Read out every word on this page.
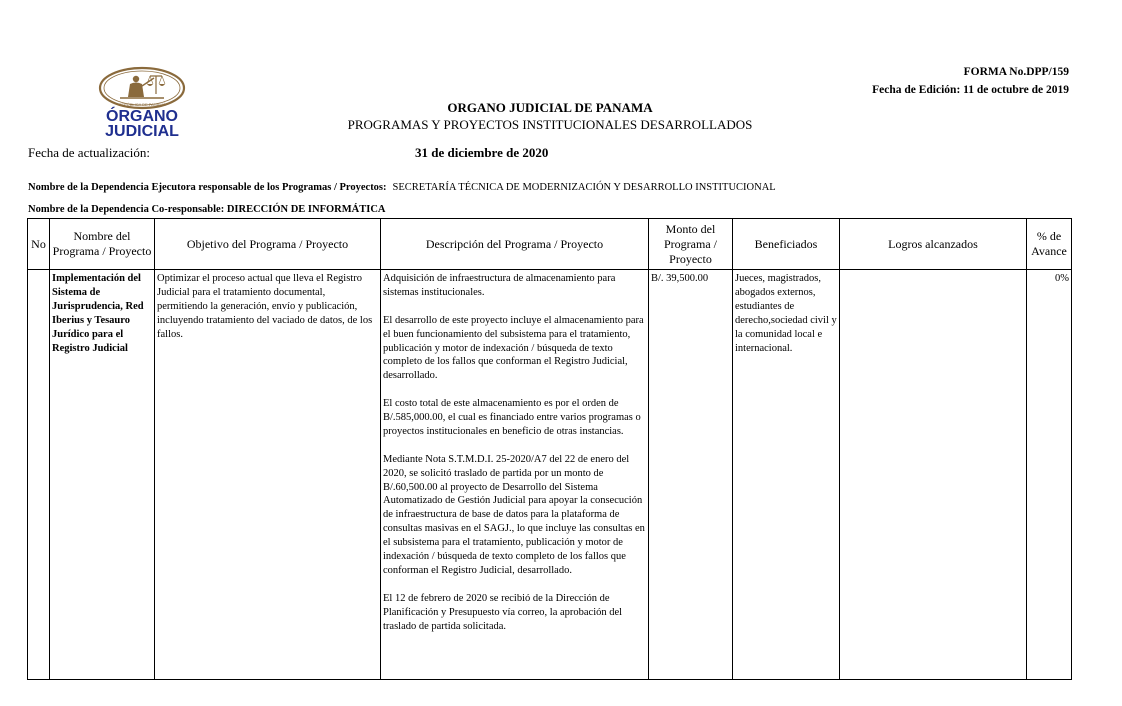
REPÚBLICA DE PANAMÁ
ÓRGANO
JUDICIAL
FORMA No.DPP/159
Fecha de Edición: 11 de octubre de 2019
ORGANO JUDICIAL DE PANAMA
PROGRAMAS Y PROYECTOS INSTITUCIONALES DESARROLLADOS
Fecha de actualización:	31 de diciembre de 2020
Nombre de la Dependencia Ejecutora responsable de los Programas / Proyectos: SECRETARÍA TÉCNICA DE MODERNIZACIÓN Y DESARROLLO INSTITUCIONAL
Nombre de la Dependencia Co-responsable: DIRECCIÓN DE INFORMÁTICA
No	Nombre del Programa / Proyecto	Objetivo del Programa / Proyecto	Descripción del Programa / Proyecto	Monto del Programa / Proyecto	Beneficiados	Logros alcanzados	% de Avance
	Implementación del Sistema de Jurisprudencia, Red Iberius y Tesauro Jurídico para el Registro Judicial	Optimizar el proceso actual que lleva el Registro Judicial para el tratamiento documental, permitiendo la generación, envío y publicación, incluyendo tratamiento del vaciado de datos, de los fallos.	Adquisición de infraestructura de almacenamiento para sistemas institucionales.
El desarrollo de este proyecto incluye el almacenamiento para el buen funcionamiento del subsistema para el tratamiento, publicación y motor de indexación / búsqueda de texto completo de los fallos que conforman el Registro Judicial, desarrollado.
El costo total de este almacenamiento es por el orden de B/.585,000.00, el cual es financiado entre varios programas o proyectos institucionales en beneficio de otras instancias.
Mediante Nota S.T.M.D.I. 25-2020/A7 del 22 de enero del 2020, se solicitó traslado de partida por un monto de B/.60,500.00 al proyecto de Desarrollo del Sistema Automatizado de Gestión Judicial para apoyar la consecución de infraestructura de base de datos para la plataforma de consultas masivas en el SAGJ., lo que incluye las consultas en el subsistema para el tratamiento, publicación y motor de indexación / búsqueda de texto completo de los fallos que conforman el Registro Judicial, desarrollado.
El 12 de febrero de 2020 se recibió de la Dirección de Planificación y Presupuesto vía correo, la aprobación del traslado de partida solicitada.	B/. 39,500.00	Jueces, magistrados, abogados externos, estudiantes de derecho,sociedad civil y la comunidad local e internacional.		0%
